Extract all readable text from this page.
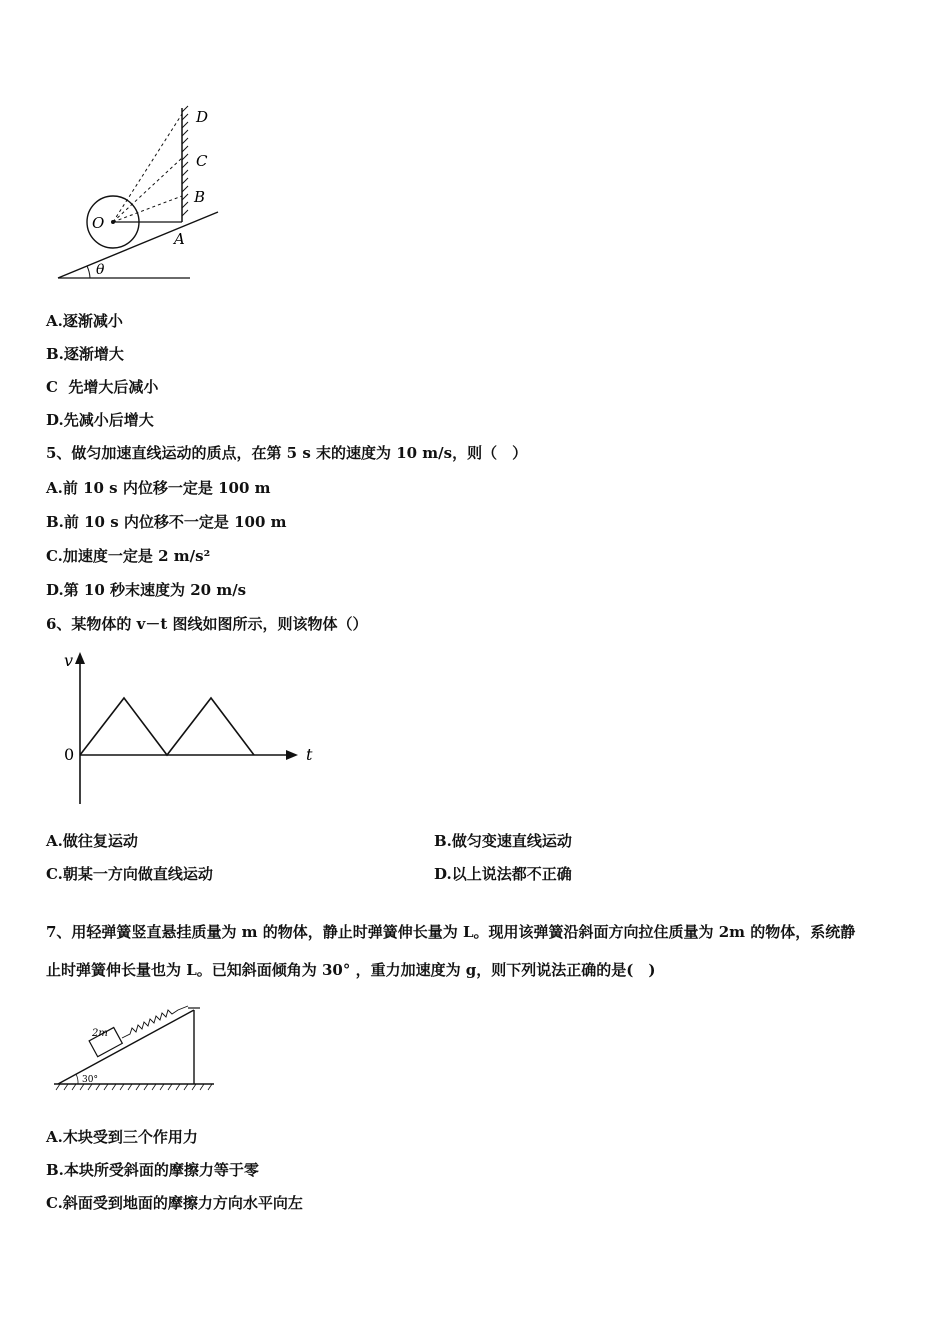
D
C
B
O
A
θ
A.逐渐减小
B.逐渐增大
C  先增大后减小
D.先减小后增大
5、做匀加速直线运动的质点，在第 5 s 末的速度为 10 m/s，则（　）
A.前 10 s 内位移一定是 100 m
B.前 10 s 内位移不一定是 100 m
C.加速度一定是 2 m/s²
D.第 10 秒末速度为 20 m/s
6、某物体的 v－t 图线如图所示，则该物体（）
v
t
0
A.做往复运动	B.做匀变速直线运动
C.朝某一方向做直线运动	D.以上说法都不正确
7、用轻弹簧竖直悬挂质量为 m 的物体，静止时弹簧伸长量为 L。现用该弹簧沿斜面方向拉住质量为 2m 的物体，系统静
止时弹簧伸长量也为 L。已知斜面倾角为 30° ，重力加速度为 g，则下列说法正确的是(　)
2m
30°
A.木块受到三个作用力
B.本块所受斜面的摩擦力等于零
C.斜面受到地面的摩擦力方向水平向左
